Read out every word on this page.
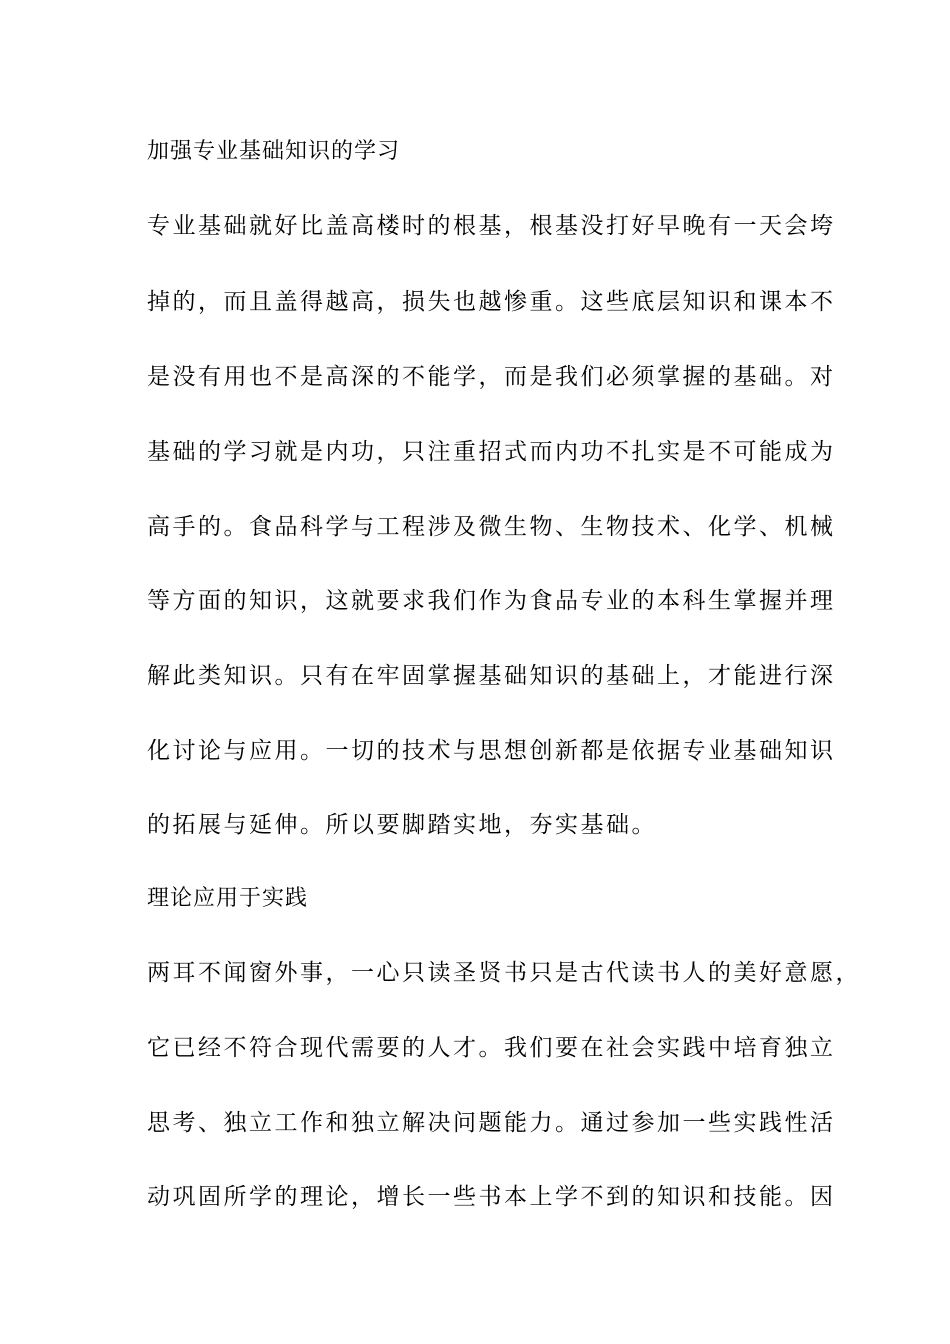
加强专业基础知识的学习
专业基础就好比盖高楼时的根基，根基没打好早晚有一天会垮
掉的，而且盖得越高，损失也越惨重。这些底层知识和课本不
是没有用也不是高深的不能学，而是我们必须掌握的基础。对
基础的学习就是内功，只注重招式而内功不扎实是不可能成为
高手的。食品科学与工程涉及微生物、生物技术、化学、机械
等方面的知识，这就要求我们作为食品专业的本科生掌握并理
解此类知识。只有在牢固掌握基础知识的基础上，才能进行深
化讨论与应用。一切的技术与思想创新都是依据专业基础知识
的拓展与延伸。所以要脚踏实地，夯实基础。
理论应用于实践
两耳不闻窗外事，一心只读圣贤书只是古代读书人的美好意愿，
它已经不符合现代需要的人才。我们要在社会实践中培育独立
思考、独立工作和独立解决问题能力。通过参加一些实践性活
动巩固所学的理论，增长一些书本上学不到的知识和技能。因
